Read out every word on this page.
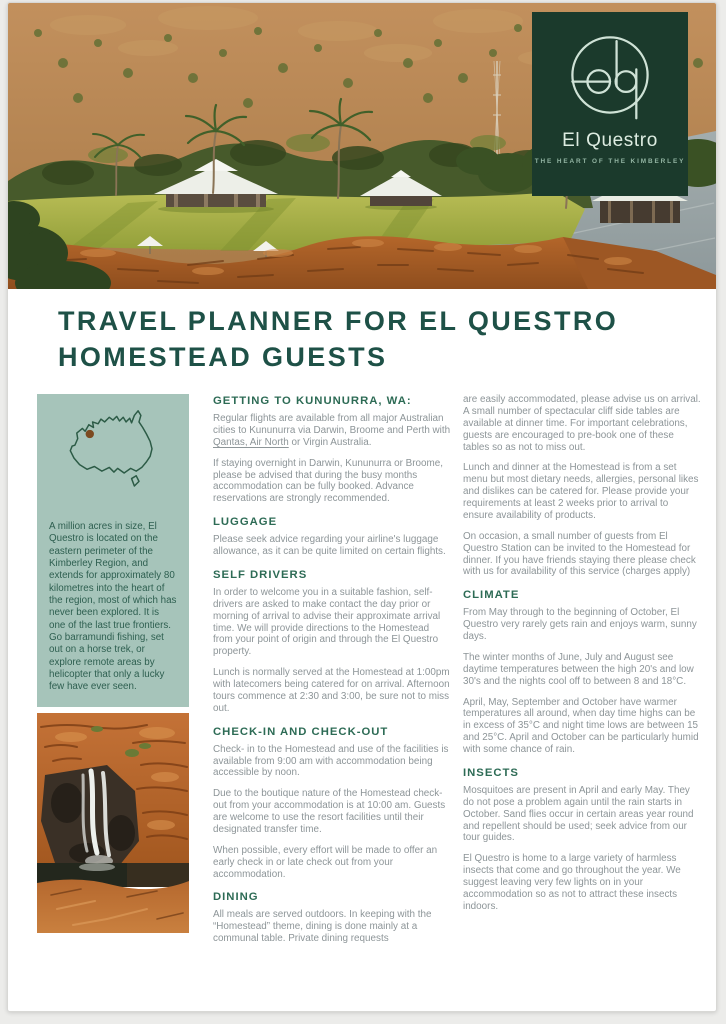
El Questro
THE HEART OF THE KIMBERLEY
TRAVEL PLANNER FOR EL QUESTRO
HOMESTEAD GUESTS

A million acres in size, El Questro is located on the eastern perimeter of the Kimberley Region, and extends for approximately 80 kilometres into the heart of the region, most of which has never been explored. It is one of the last true frontiers. Go barramundi fishing, set out on a horse trek, or explore remote areas by helicopter that only a lucky few have ever seen.

GETTING TO KUNUNURRA, WA:

Regular flights are available from all major Australian cities to Kununurra via Darwin, Broome and Perth with Qantas, Air North or Virgin Australia.

If staying overnight in Darwin, Kununurra or Broome, please be advised that during the busy months accommodation can be fully booked. Advance reservations are strongly recommended.

LUGGAGE

Please seek advice regarding your airline's luggage allowance, as it can be quite limited on certain flights.

SELF DRIVERS

In order to welcome you in a suitable fashion, self-drivers are asked to make contact the day prior or morning of arrival to advise their approximate arrival time. We will provide directions to the Homestead from your point of origin and through the El Questro property.

Lunch is normally served at the Homestead at 1:00pm with latecomers being catered for on arrival. Afternoon tours commence at 2:30 and 3:00, be sure not to miss out.

CHECK-IN AND CHECK-OUT

Check- in to the Homestead and use of the facilities is available from 9:00 am with accommodation being accessible by noon.

Due to the boutique nature of the Homestead check-out from your accommodation is at 10:00 am. Guests are welcome to use the resort facilities until their designated transfer time.

When possible, every effort will be made to offer an early check in or late check out from your accommodation.

DINING

All meals are served outdoors. In keeping with the “Homestead” theme, dining is done mainly at a communal table. Private dining requests

are easily accommodated, please advise us on arrival. A small number of spectacular cliff side tables are available at dinner time. For important celebrations, guests are encouraged to pre-book one of these tables so as not to miss out.

Lunch and dinner at the Homestead is from a set menu but most dietary needs, allergies, personal likes and dislikes can be catered for. Please provide your requirements at least 2 weeks prior to arrival to ensure availability of products.

On occasion, a small number of guests from El Questro Station can be invited to the Homestead for dinner. If you have friends staying there please check with us for availability of this service (charges apply)

CLIMATE

From May through to the beginning of October, El Questro very rarely gets rain and enjoys warm, sunny days.

The winter months of June, July and August see daytime temperatures between the high 20's and low 30's and the nights cool off to between 8 and 18°C.

April, May, September and October have warmer temperatures all around, when day time highs can be in excess of 35°C and night time lows are between 15 and 25°C. April and October can be particularly humid with some chance of rain.

INSECTS

Mosquitoes are present in April and early May. They do not pose a problem again until the rain starts in October. Sand flies occur in certain areas year round and repellent should be used; seek advice from our tour guides.

El Questro is home to a large variety of harmless insects that come and go throughout the year. We suggest leaving very few lights on in your accommodation so as not to attract these insects indoors.
